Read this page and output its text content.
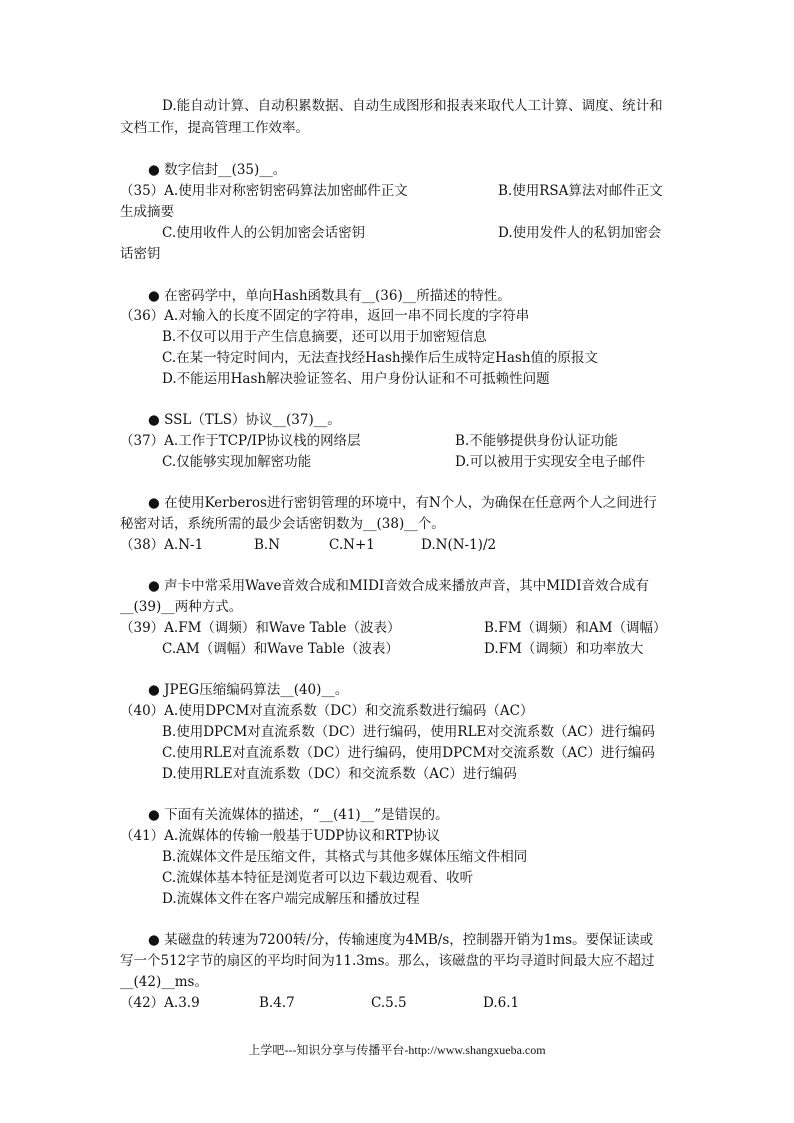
D.能自动计算、自动积累数据、自动生成图形和报表来取代人工计算、调度、统计和
文档工作，提高管理工作效率。
● 数字信封__(35)__。
（35）A.使用非对称密钥密码算法加密邮件正文	B.使用RSA算法对邮件正文
生成摘要
C.使用收件人的公钥加密会话密钥	D.使用发件人的私钥加密会
话密钥
● 在密码学中，单向Hash函数具有__(36)__所描述的特性。
（36）A.对输入的长度不固定的字符串，返回一串不同长度的字符串
B.不仅可以用于产生信息摘要，还可以用于加密短信息
C.在某一特定时间内，无法查找经Hash操作后生成特定Hash值的原报文
D.不能运用Hash解决验证签名、用户身份认证和不可抵赖性问题
● SSL（TLS）协议__(37)__。
（37）A.工作于TCP/IP协议栈的网络层	B.不能够提供身份认证功能
C.仅能够实现加解密功能	D.可以被用于实现安全电子邮件
● 在使用Kerberos进行密钥管理的环境中，有N个人，为确保在任意两个人之间进行
秘密对话，系统所需的最少会话密钥数为__(38)__个。
（38）A.N-1	B.N	C.N+1	D.N(N-1)/2
● 声卡中常采用Wave音效合成和MIDI音效合成来播放声音，其中MIDI音效合成有
__(39)__两种方式。
（39）A.FM（调频）和Wave Table（波表）	B.FM（调频）和AM（调幅）
C.AM（调幅）和Wave Table（波表）	D.FM（调频）和功率放大
● JPEG压缩编码算法__(40)__。
（40）A.使用DPCM对直流系数（DC）和交流系数进行编码（AC）
B.使用DPCM对直流系数（DC）进行编码，使用RLE对交流系数（AC）进行编码
C.使用RLE对直流系数（DC）进行编码，使用DPCM对交流系数（AC）进行编码
D.使用RLE对直流系数（DC）和交流系数（AC）进行编码
● 下面有关流媒体的描述，“__(41)__”是错误的。
（41）A.流媒体的传输一般基于UDP协议和RTP协议
B.流媒体文件是压缩文件，其格式与其他多媒体压缩文件相同
C.流媒体基本特征是浏览者可以边下载边观看、收听
D.流媒体文件在客户端完成解压和播放过程
● 某磁盘的转速为7200转/分，传输速度为4MB/s，控制器开销为1ms。要保证读或
写一个512字节的扇区的平均时间为11.3ms。那么，该磁盘的平均寻道时间最大应不超过
__(42)__ms。
（42）A.3.9	B.4.7	C.5.5	D.6.1
上学吧---知识分享与传播平台-http://www.shangxueba.com
